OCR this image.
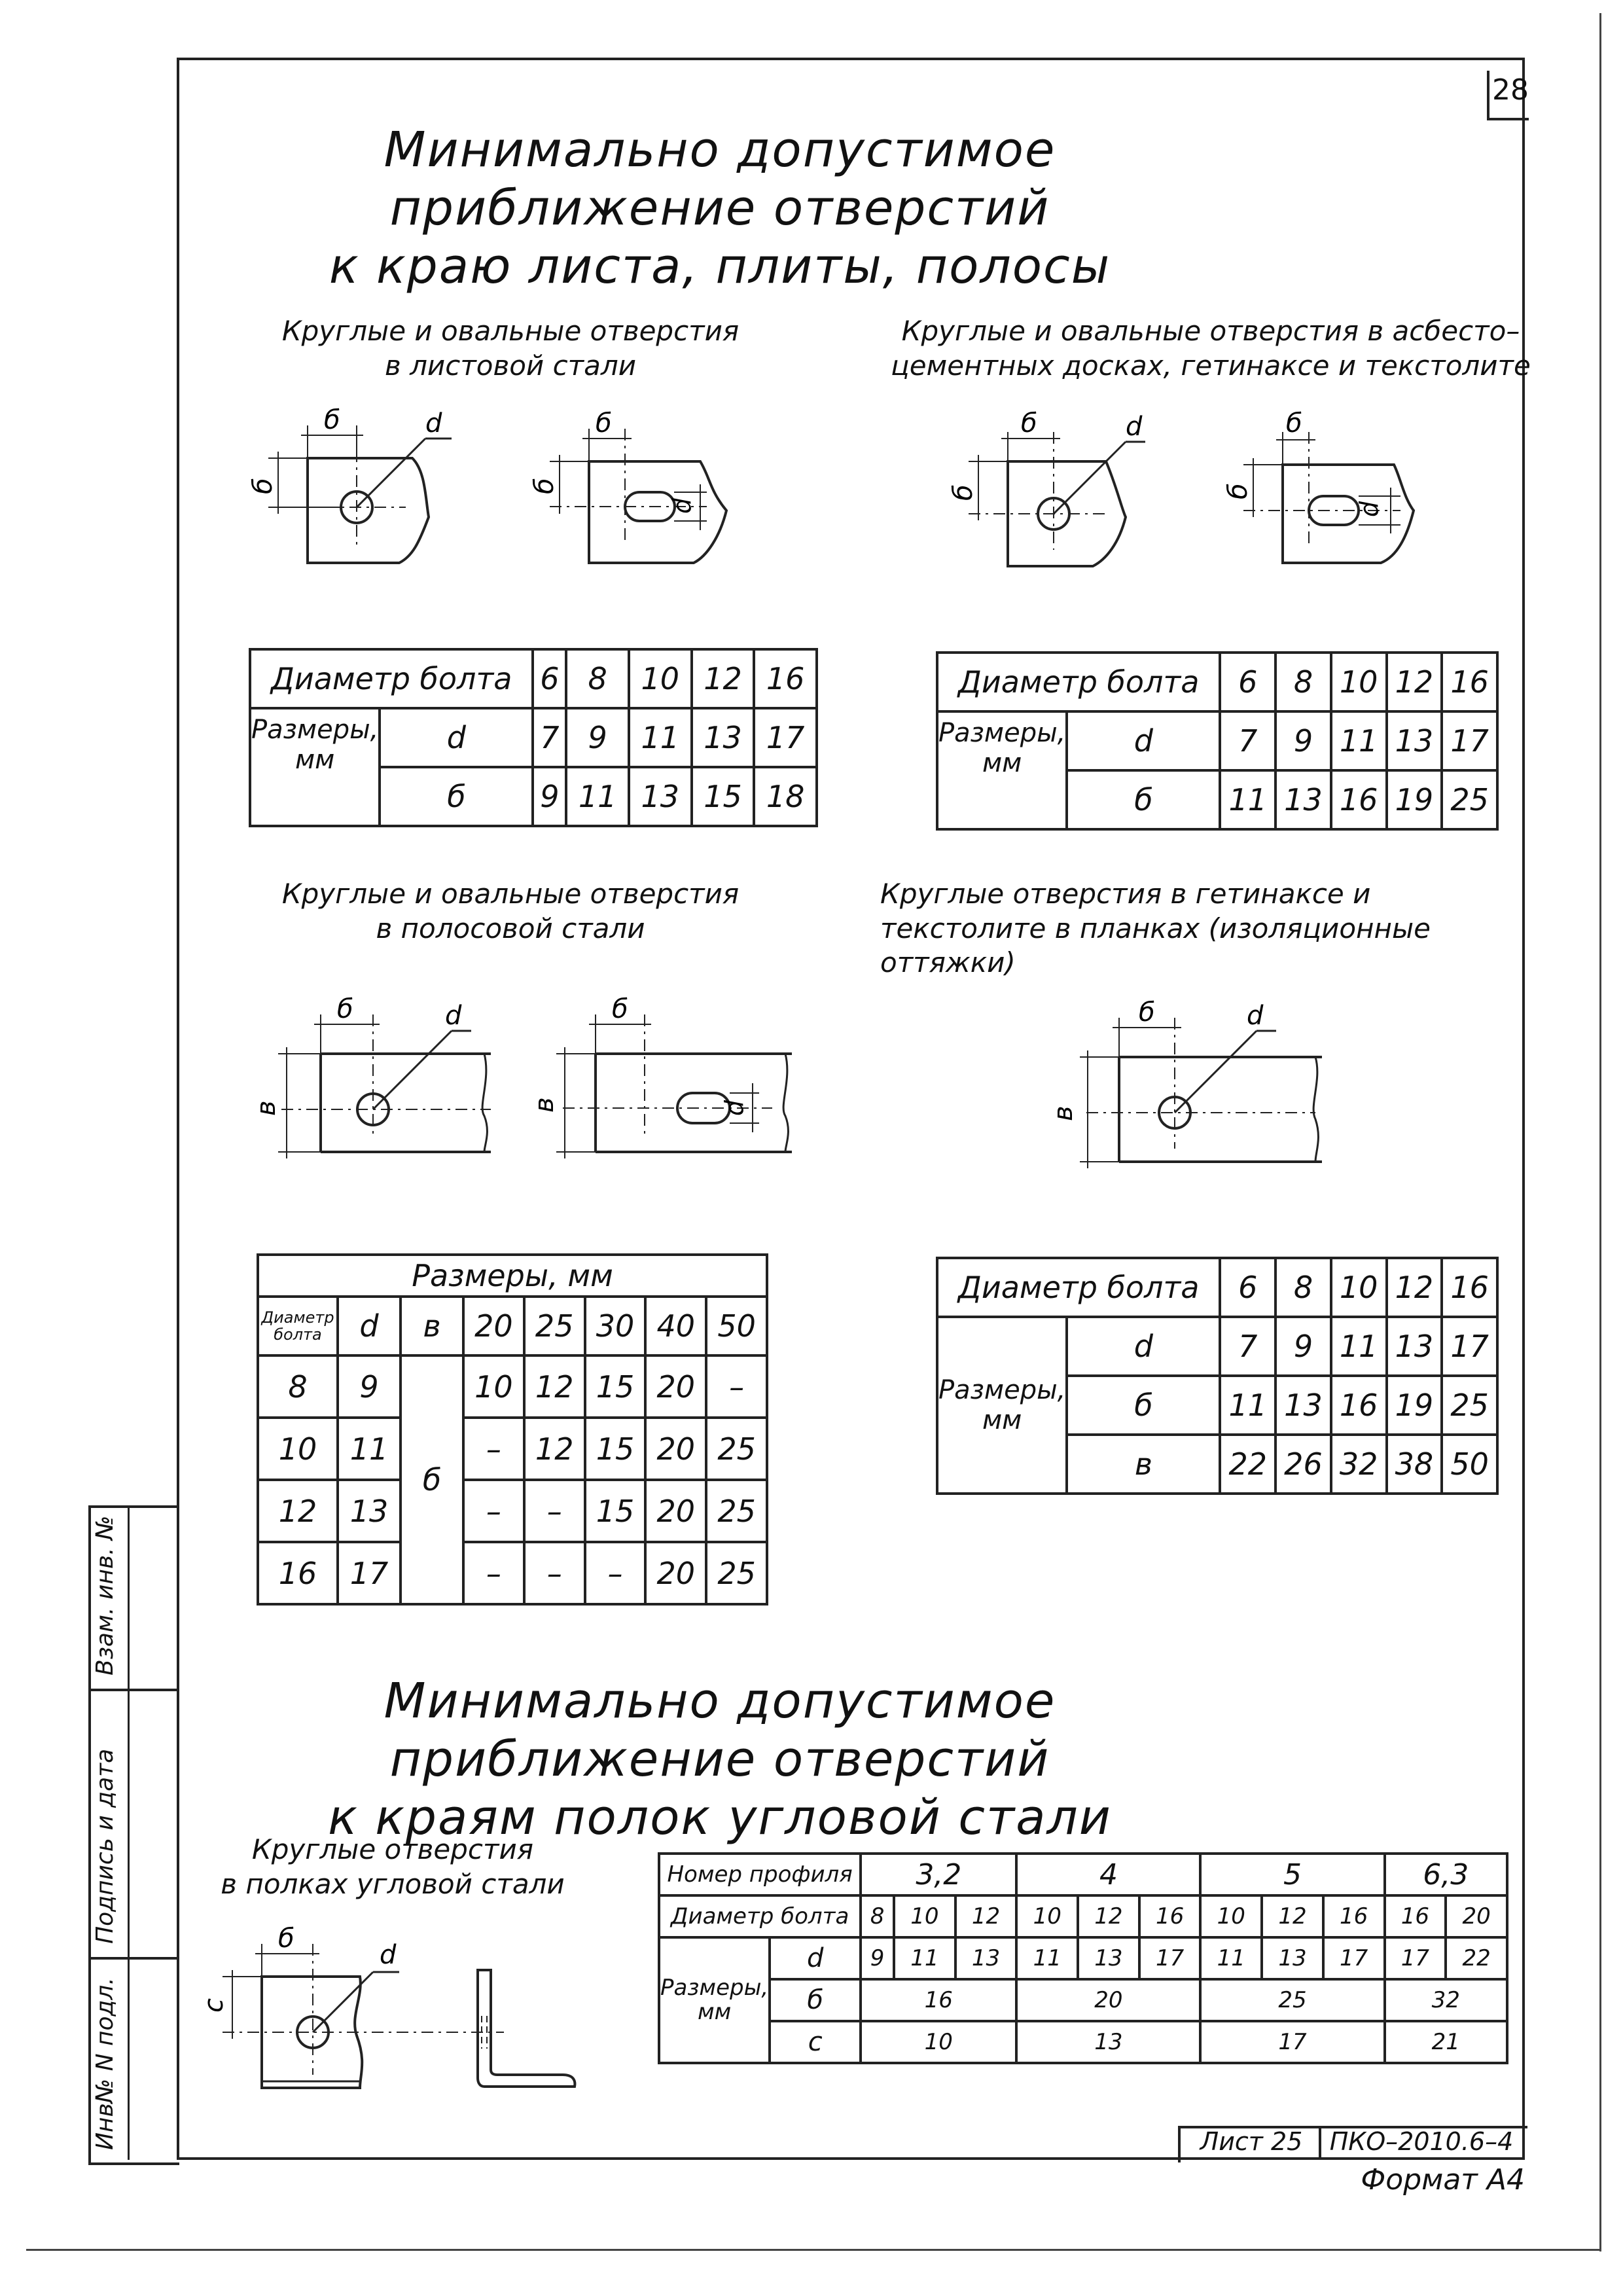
28
Минимально допустимое приближение отверстий
к краю листа, плиты, полосы
Круглые и овальные отверстия
в листовой стали
Круглые и овальные отверстия в асбесто–
цементных досках, гетинаксе и текстолите
б	d
б
б
d
б
б	d
б
б
d
б
Диаметр болта		6	8	10	12	16

Размеры,
мм	d	7	9	11	13	17
	б	9	11	13	15	18
Диаметр болта		6	8	10	12	16

Размеры,
мм	d	7	9	11	13	17
	б	11	13	16	19	25
Круглые и овальные отверстия
в полосовой стали
Круглые отверстия в гетинаксе и
текстолите в планках (изоляционные
оттяжки)
б	d
в
б
d
в
б	d
в
Размеры, мм							

Диаметр
болта	d	в	20	25	30	40	50
8	9	б	10	12	15	20	–
10	11		–	12	15	20	25
12	13		–	–	15	20	25
16	17		–	–	–	20	25
Диаметр болта		6	8	10	12	16

Размеры,
мм	d	7	9	11	13	17
	б	11	13	16	19	25
	в	22	26	32	38	50
Минимально допустимое приближение отверстий
к краям полок угловой стали
Круглые отверстия
в полках угловой стали
б
d
с
Номер профиля		3,2			4			5			6,3	
Диаметр болта		8	10	12	10	12	16	10	12	16	16	20

Размеры,
мм	d	9	11	13	11	13	17	11	13	17	17	22
	б	16			20			25			32	
	с	10			13			17			21	
Взам. инв. №
Подпись и дата
Инв№ N подл.	Лист 25	ПКО–2010.6–4
Формат А4
